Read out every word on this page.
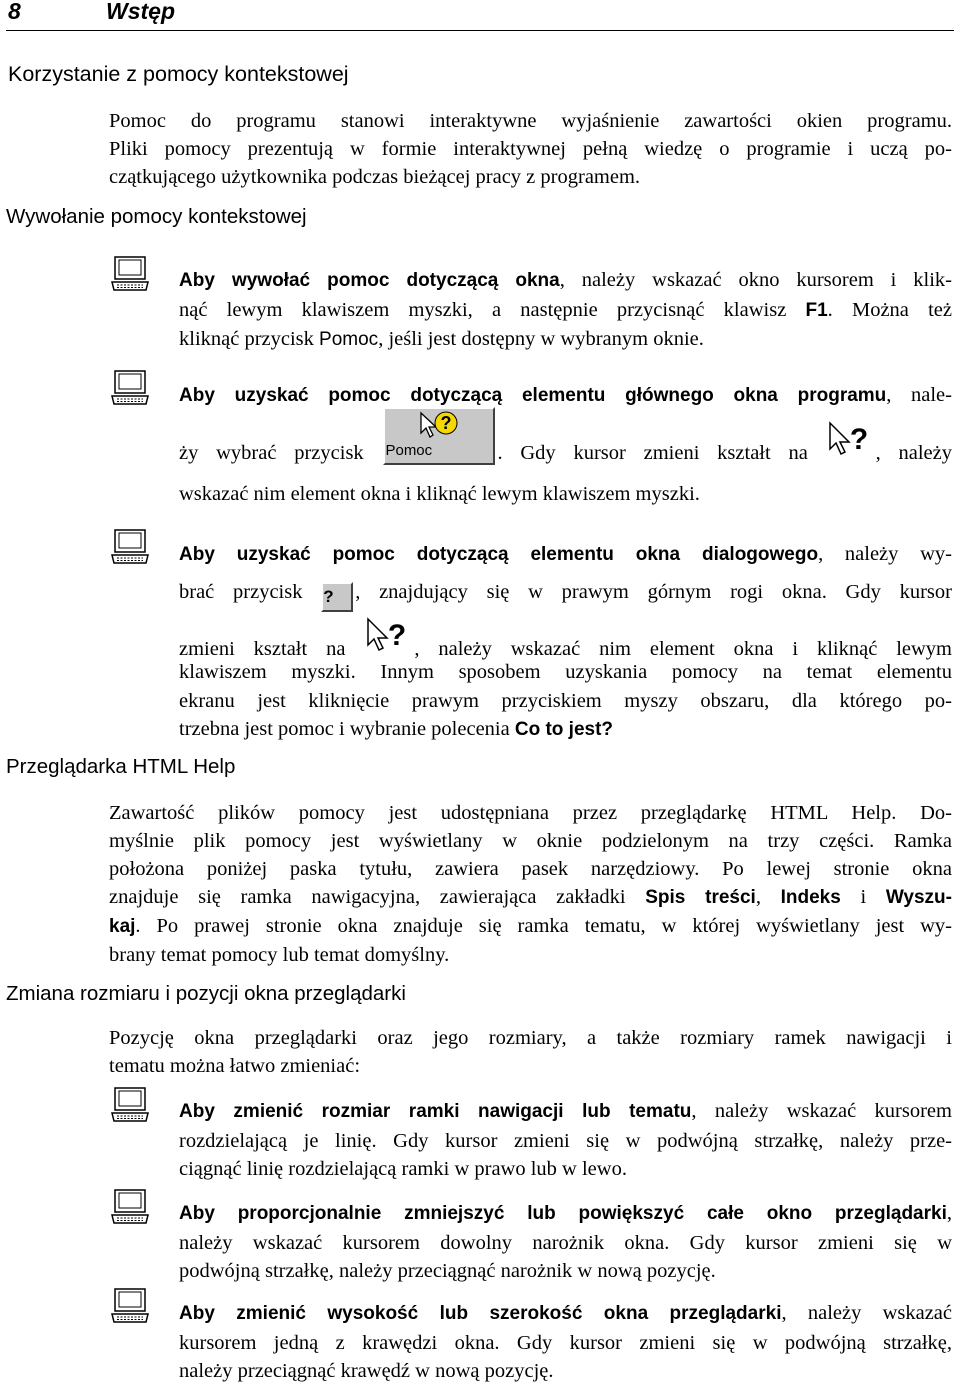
8	Wstęp
Korzystanie z pomocy kontekstowej
Pomoc do programu stanowi interaktywne wyjaśnienie zawartości okien programu.
Pliki pomocy prezentują w formie interaktywnej pełną wiedzę o programie i uczą po-
czątkującego użytkownika podczas bieżącej pracy z programem.
Wywołanie pomocy kontekstowej
Aby wywołać pomoc dotyczącą okna, należy wskazać okno kursorem i klik-
nąć lewym klawiszem myszki, a następnie przycisnąć klawisz F1. Można też
kliknąć przycisk Pomoc, jeśli jest dostępny w wybranym oknie.
Aby uzyskać pomoc dotyczącą elementu głównego okna programu, nale-
ży wybrać przycisk
?
Pomoc	. Gdy kursor zmieni kształt na ? , należy
wskazać nim element okna i kliknąć lewym klawiszem myszki.
Aby uzyskać pomoc dotyczącą elementu okna dialogowego, należy wy-
brać przycisk ? , znajdujący się w prawym górnym rogi okna. Gdy kursor
zmieni kształt na ? , należy wskazać nim element okna i kliknąć lewym
klawiszem myszki. Innym sposobem uzyskania pomocy na temat elementu
ekranu jest kliknięcie prawym przyciskiem myszy obszaru, dla którego po-
trzebna jest pomoc i wybranie polecenia Co to jest?
Przeglądarka HTML Help
Zawartość plików pomocy jest udostępniana przez przeglądarkę HTML Help. Do-
myślnie plik pomocy jest wyświetlany w oknie podzielonym na trzy części. Ramka
położona poniżej paska tytułu, zawiera pasek narzędziowy. Po lewej stronie okna
znajduje się ramka nawigacyjna, zawierająca zakładki Spis treści, Indeks i Wyszu-
kaj. Po prawej stronie okna znajduje się ramka tematu, w której wyświetlany jest wy-
brany temat pomocy lub temat domyślny.
Zmiana rozmiaru i pozycji okna przeglądarki
Pozycję okna przeglądarki oraz jego rozmiary, a także rozmiary ramek nawigacji i
tematu można łatwo zmieniać:
Aby zmienić rozmiar ramki nawigacji lub tematu, należy wskazać kursorem
rozdzielającą je linię. Gdy kursor zmieni się w podwójną strzałkę, należy prze-
ciągnąć linię rozdzielającą ramki w prawo lub w lewo.
Aby proporcjonalnie zmniejszyć lub powiększyć całe okno przeglądarki,
należy wskazać kursorem dowolny narożnik okna. Gdy kursor zmieni się w
podwójną strzałkę, należy przeciągnąć narożnik w nową pozycję.
Aby zmienić wysokość lub szerokość okna przeglądarki, należy wskazać
kursorem jedną z krawędzi okna. Gdy kursor zmieni się w podwójną strzałkę,
należy przeciągnąć krawędź w nową pozycję.
